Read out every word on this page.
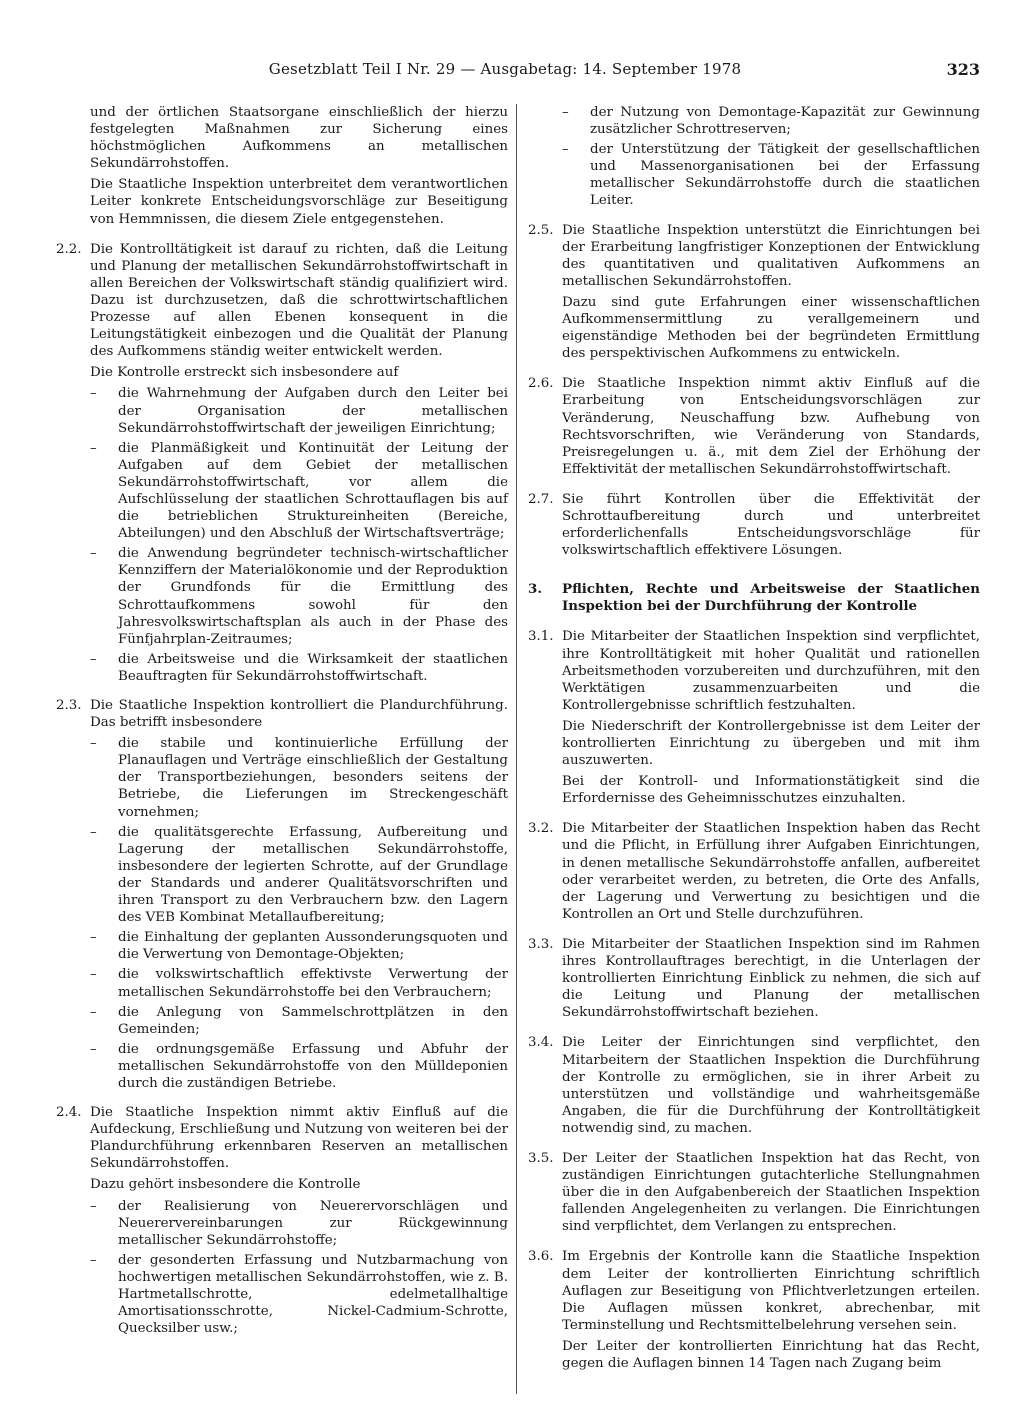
Gesetzblatt Teil I Nr. 29 — Ausgabetag: 14. September 1978	323
und der örtlichen Staatsorgane einschließlich der hierzu festgelegten Maßnahmen zur Sicherung eines höchstmöglichen Aufkommens an metallischen Sekundärrohstoffen.
Die Staatliche Inspektion unterbreitet dem verantwortlichen Leiter konkrete Entscheidungsvorschläge zur Beseitigung von Hemmnissen, die diesem Ziele entgegenstehen.
2.2. Die Kontrolltätigkeit ist darauf zu richten, daß die Leitung und Planung der metallischen Sekundärrohstoffwirtschaft in allen Bereichen der Volkswirtschaft ständig qualifiziert wird. Dazu ist durchzusetzen, daß die schrottwirtschaftlichen Prozesse auf allen Ebenen konsequent in die Leitungstätigkeit einbezogen und die Qualität der Planung des Aufkommens ständig weiter entwickelt werden.
Die Kontrolle erstreckt sich insbesondere auf
– die Wahrnehmung der Aufgaben durch den Leiter bei der Organisation der metallischen Sekundärrohstoffwirtschaft der jeweiligen Einrichtung;
– die Planmäßigkeit und Kontinuität der Leitung der Aufgaben auf dem Gebiet der metallischen Sekundärrohstoffwirtschaft, vor allem die Aufschlüsselung der staatlichen Schrottauflagen bis auf die betrieblichen Struktureinheiten (Bereiche, Abteilungen) und den Abschluß der Wirtschaftsverträge;
– die Anwendung begründeter technisch-wirtschaftlicher Kennziffern der Materialökonomie und der Reproduktion der Grundfonds für die Ermittlung des Schrottaufkommens sowohl für den Jahresvolkswirtschaftsplan als auch in der Phase des Fünfjahrplan-Zeitraumes;
– die Arbeitsweise und die Wirksamkeit der staatlichen Beauftragten für Sekundärrohstoffwirtschaft.
2.3. Die Staatliche Inspektion kontrolliert die Plandurchführung. Das betrifft insbesondere
– die stabile und kontinuierliche Erfüllung der Planauflagen und Verträge einschließlich der Gestaltung der Transportbeziehungen, besonders seitens der Betriebe, die Lieferungen im Streckengeschäft vornehmen;
– die qualitätsgerechte Erfassung, Aufbereitung und Lagerung der metallischen Sekundärrohstoffe, insbesondere der legierten Schrotte, auf der Grundlage der Standards und anderer Qualitätsvorschriften und ihren Transport zu den Verbrauchern bzw. den Lagern des VEB Kombinat Metallaufbereitung;
– die Einhaltung der geplanten Aussonderungsquoten und die Verwertung von Demontage-Objekten;
– die volkswirtschaftlich effektivste Verwertung der metallischen Sekundärrohstoffe bei den Verbrauchern;
– die Anlegung von Sammelschrottplätzen in den Gemeinden;
– die ordnungsgemäße Erfassung und Abfuhr der metallischen Sekundärrohstoffe von den Mülldeponien durch die zuständigen Betriebe.
2.4. Die Staatliche Inspektion nimmt aktiv Einfluß auf die Aufdeckung, Erschließung und Nutzung von weiteren bei der Plandurchführung erkennbaren Reserven an metallischen Sekundärrohstoffen.
Dazu gehört insbesondere die Kontrolle
– der Realisierung von Neuerervorschlägen und Neuerervereinbarungen zur Rückgewinnung metallischer Sekundärrohstoffe;
– der gesonderten Erfassung und Nutzbarmachung von hochwertigen metallischen Sekundärrohstoffen, wie z. B. Hartmetallschrotte, edelmetallhaltige Amortisationsschrotte, Nickel-Cadmium-Schrotte, Quecksilber usw.;
– der Nutzung von Demontage-Kapazität zur Gewinnung zusätzlicher Schrottreserven;
– der Unterstützung der Tätigkeit der gesellschaftlichen und Massenorganisationen bei der Erfassung metallischer Sekundärrohstoffe durch die staatlichen Leiter.
2.5. Die Staatliche Inspektion unterstützt die Einrichtungen bei der Erarbeitung langfristiger Konzeptionen der Entwicklung des quantitativen und qualitativen Aufkommens an metallischen Sekundärrohstoffen.
Dazu sind gute Erfahrungen einer wissenschaftlichen Aufkommensermittlung zu verallgemeinern und eigenständige Methoden bei der begründeten Ermittlung des perspektivischen Aufkommens zu entwickeln.
2.6. Die Staatliche Inspektion nimmt aktiv Einfluß auf die Erarbeitung von Entscheidungsvorschlägen zur Veränderung, Neuschaffung bzw. Aufhebung von Rechtsvorschriften, wie Veränderung von Standards, Preisregelungen u. ä., mit dem Ziel der Erhöhung der Effektivität der metallischen Sekundärrohstoffwirtschaft.
2.7. Sie führt Kontrollen über die Effektivität der Schrottaufbereitung durch und unterbreitet erforderlichenfalls Entscheidungsvorschläge für volkswirtschaftlich effektivere Lösungen.
3. Pflichten, Rechte und Arbeitsweise der Staatlichen Inspektion bei der Durchführung der Kontrolle
3.1. Die Mitarbeiter der Staatlichen Inspektion sind verpflichtet, ihre Kontrolltätigkeit mit hoher Qualität und rationellen Arbeitsmethoden vorzubereiten und durchzuführen, mit den Werktätigen zusammenzuarbeiten und die Kontrollergebnisse schriftlich festzuhalten.
Die Niederschrift der Kontrollergebnisse ist dem Leiter der kontrollierten Einrichtung zu übergeben und mit ihm auszuwerten.
Bei der Kontroll- und Informationstätigkeit sind die Erfordernisse des Geheimnisschutzes einzuhalten.
3.2. Die Mitarbeiter der Staatlichen Inspektion haben das Recht und die Pflicht, in Erfüllung ihrer Aufgaben Einrichtungen, in denen metallische Sekundärrohstoffe anfallen, aufbereitet oder verarbeitet werden, zu betreten, die Orte des Anfalls, der Lagerung und Verwertung zu besichtigen und die Kontrollen an Ort und Stelle durchzuführen.
3.3. Die Mitarbeiter der Staatlichen Inspektion sind im Rahmen ihres Kontrollauftrages berechtigt, in die Unterlagen der kontrollierten Einrichtung Einblick zu nehmen, die sich auf die Leitung und Planung der metallischen Sekundärrohstoffwirtschaft beziehen.
3.4. Die Leiter der Einrichtungen sind verpflichtet, den Mitarbeitern der Staatlichen Inspektion die Durchführung der Kontrolle zu ermöglichen, sie in ihrer Arbeit zu unterstützen und vollständige und wahrheitsgemäße Angaben, die für die Durchführung der Kontrolltätigkeit notwendig sind, zu machen.
3.5. Der Leiter der Staatlichen Inspektion hat das Recht, von zuständigen Einrichtungen gutachterliche Stellungnahmen über die in den Aufgabenbereich der Staatlichen Inspektion fallenden Angelegenheiten zu verlangen. Die Einrichtungen sind verpflichtet, dem Verlangen zu entsprechen.
3.6. Im Ergebnis der Kontrolle kann die Staatliche Inspektion dem Leiter der kontrollierten Einrichtung schriftlich Auflagen zur Beseitigung von Pflichtverletzungen erteilen. Die Auflagen müssen konkret, abrechenbar, mit Terminstellung und Rechtsmittelbelehrung versehen sein.
Der Leiter der kontrollierten Einrichtung hat das Recht, gegen die Auflagen binnen 14 Tagen nach Zugang beim
